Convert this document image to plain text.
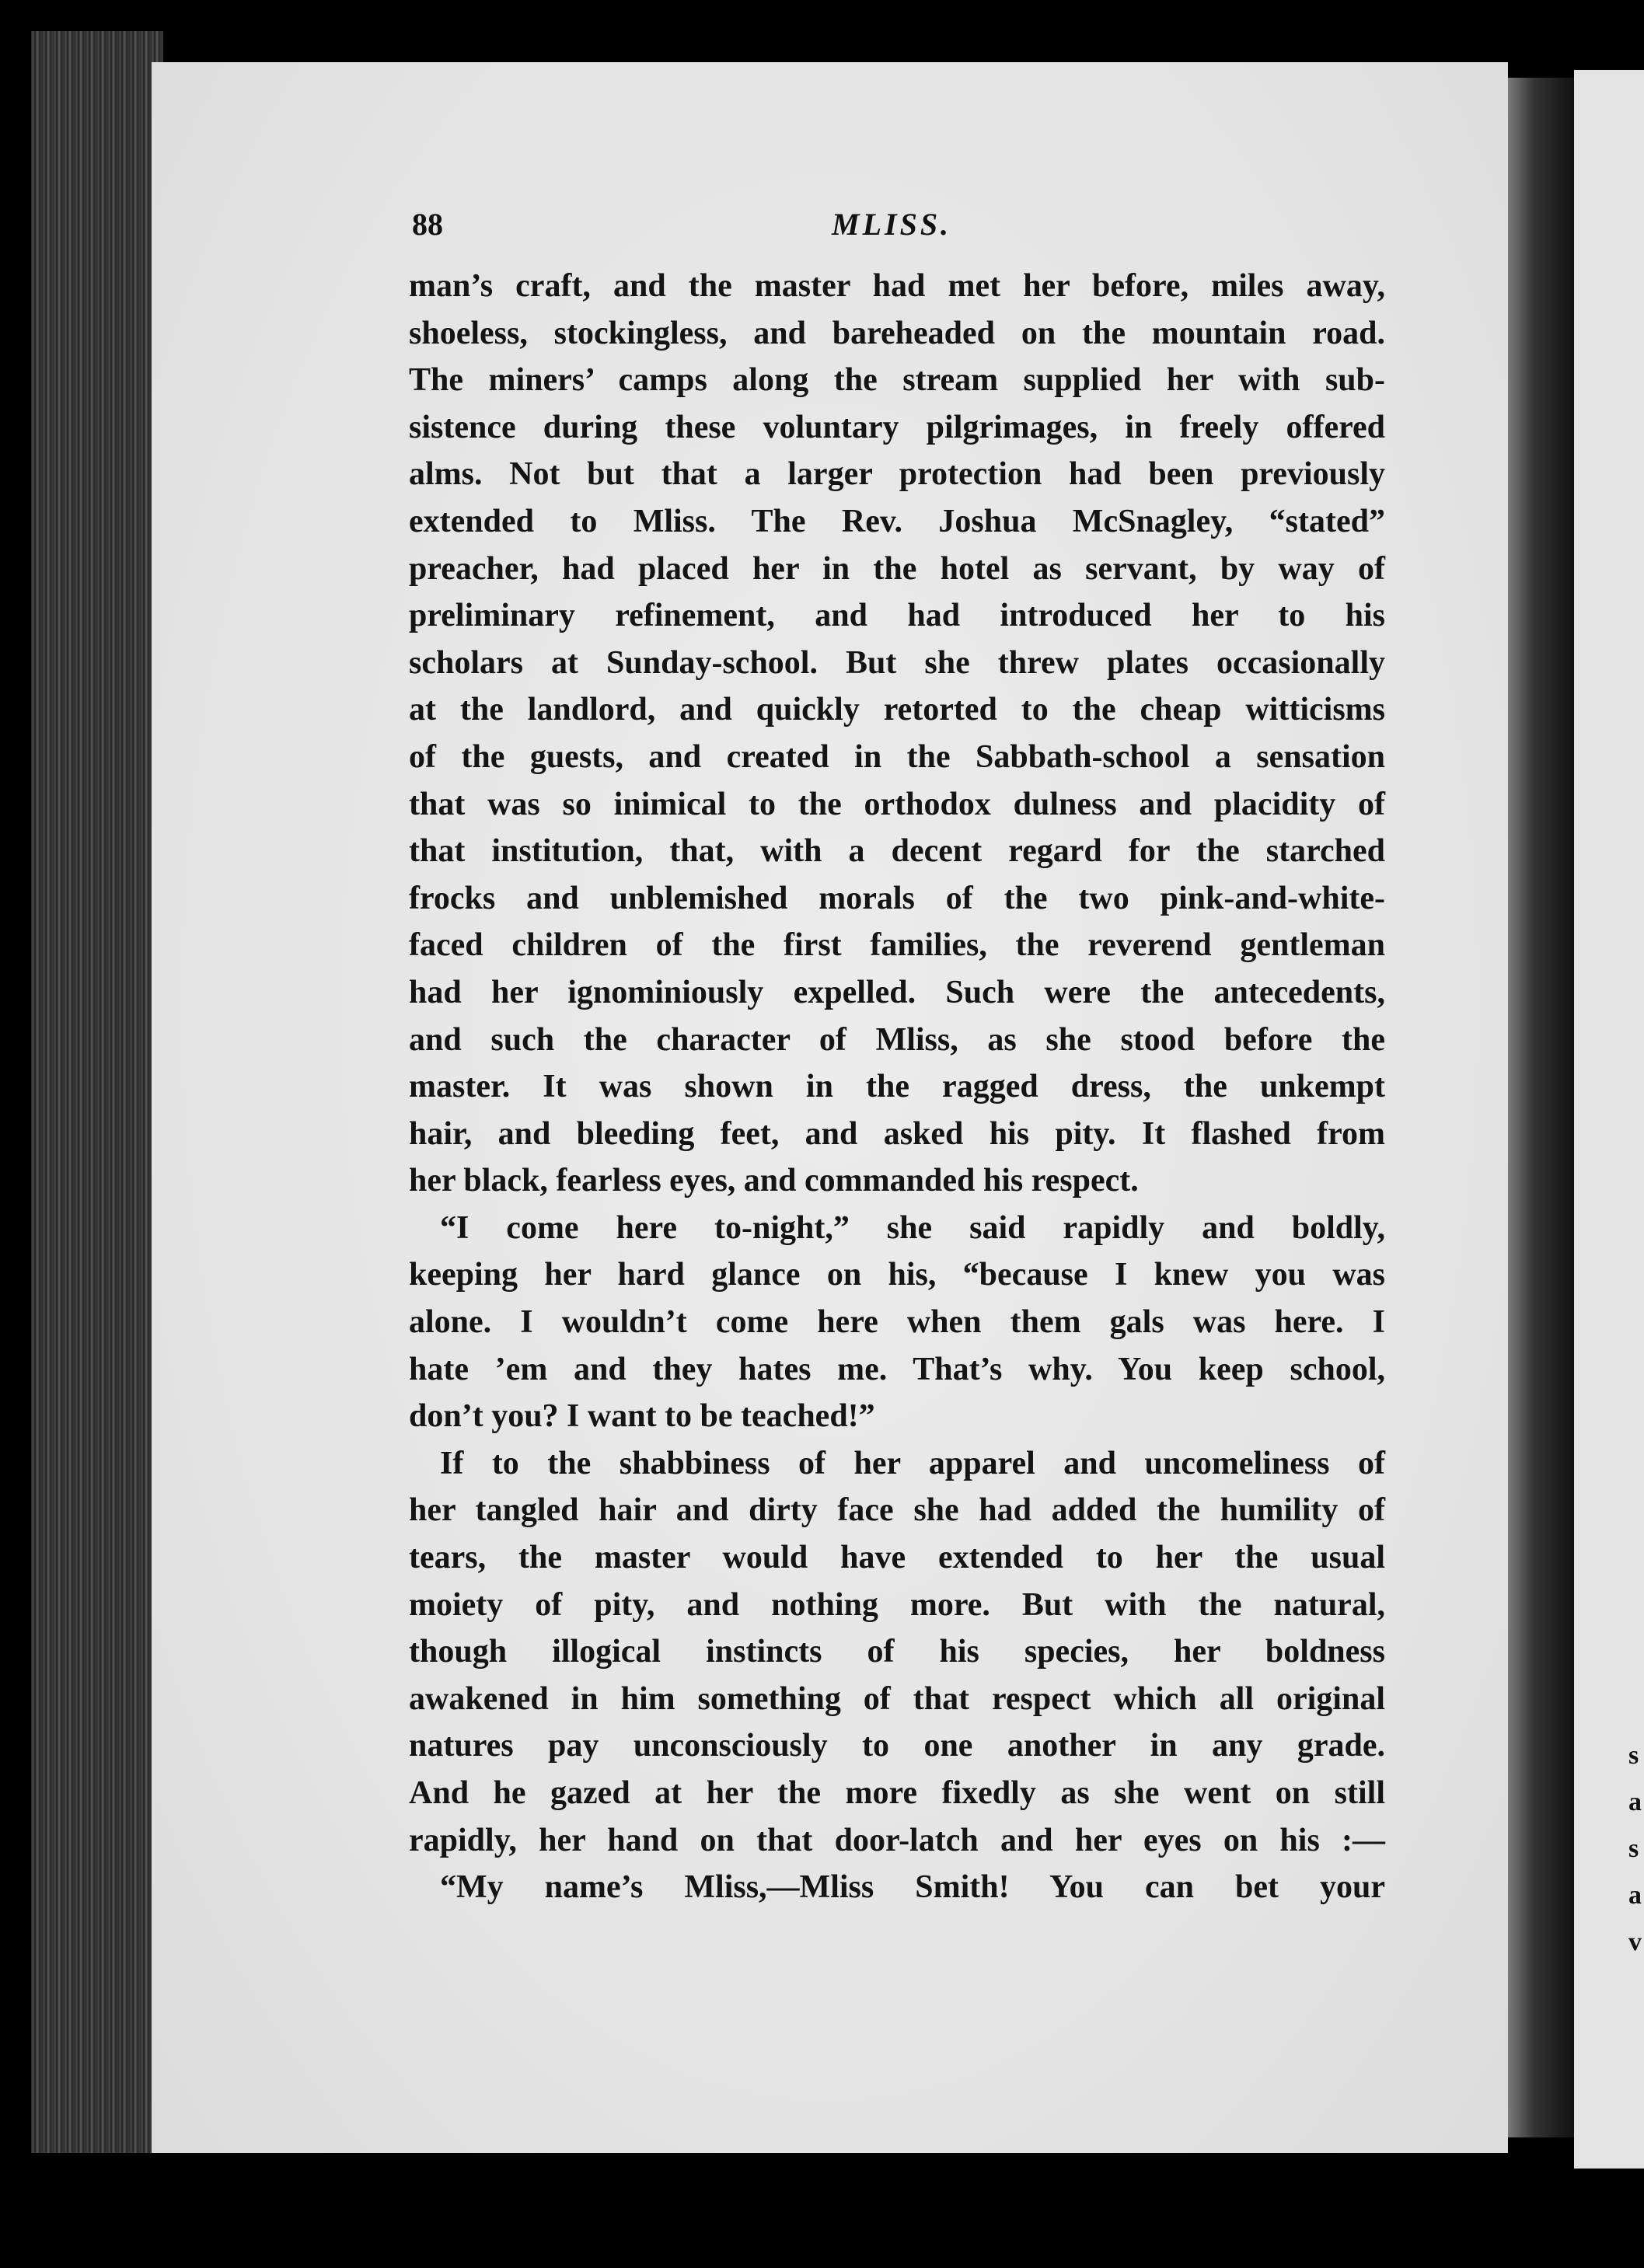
s
a
s
a
v
88	MLISS.
man’s craft, and the master had met her before, miles away,
shoeless, stockingless, and bareheaded on the mountain road.
The miners’ camps along the stream supplied her with sub-
sistence during these voluntary pilgrimages, in freely offered
alms. Not but that a larger protection had been previously
extended to Mliss. The Rev. Joshua McSnagley, “stated”
preacher, had placed her in the hotel as servant, by way of
preliminary refinement, and had introduced her to his
scholars at Sunday-school. But she threw plates occasionally
at the landlord, and quickly retorted to the cheap witticisms
of the guests, and created in the Sabbath-school a sensation
that was so inimical to the orthodox dulness and placidity of
that institution, that, with a decent regard for the starched
frocks and unblemished morals of the two pink-and-white-
faced children of the first families, the reverend gentleman
had her ignominiously expelled. Such were the antecedents,
and such the character of Mliss, as she stood before the
master. It was shown in the ragged dress, the unkempt
hair, and bleeding feet, and asked his pity. It flashed from
her black, fearless eyes, and commanded his respect.
“I come here to-night,” she said rapidly and boldly,
keeping her hard glance on his, “because I knew you was
alone. I wouldn’t come here when them gals was here. I
hate ’em and they hates me. That’s why. You keep school,
don’t you? I want to be teached!”
If to the shabbiness of her apparel and uncomeliness of
her tangled hair and dirty face she had added the humility of
tears, the master would have extended to her the usual
moiety of pity, and nothing more. But with the natural,
though illogical instincts of his species, her boldness
awakened in him something of that respect which all original
natures pay unconsciously to one another in any grade.
And he gazed at her the more fixedly as she went on still
rapidly, her hand on that door-latch and her eyes on his :—
“My name’s Mliss,—Mliss Smith! You can bet your
